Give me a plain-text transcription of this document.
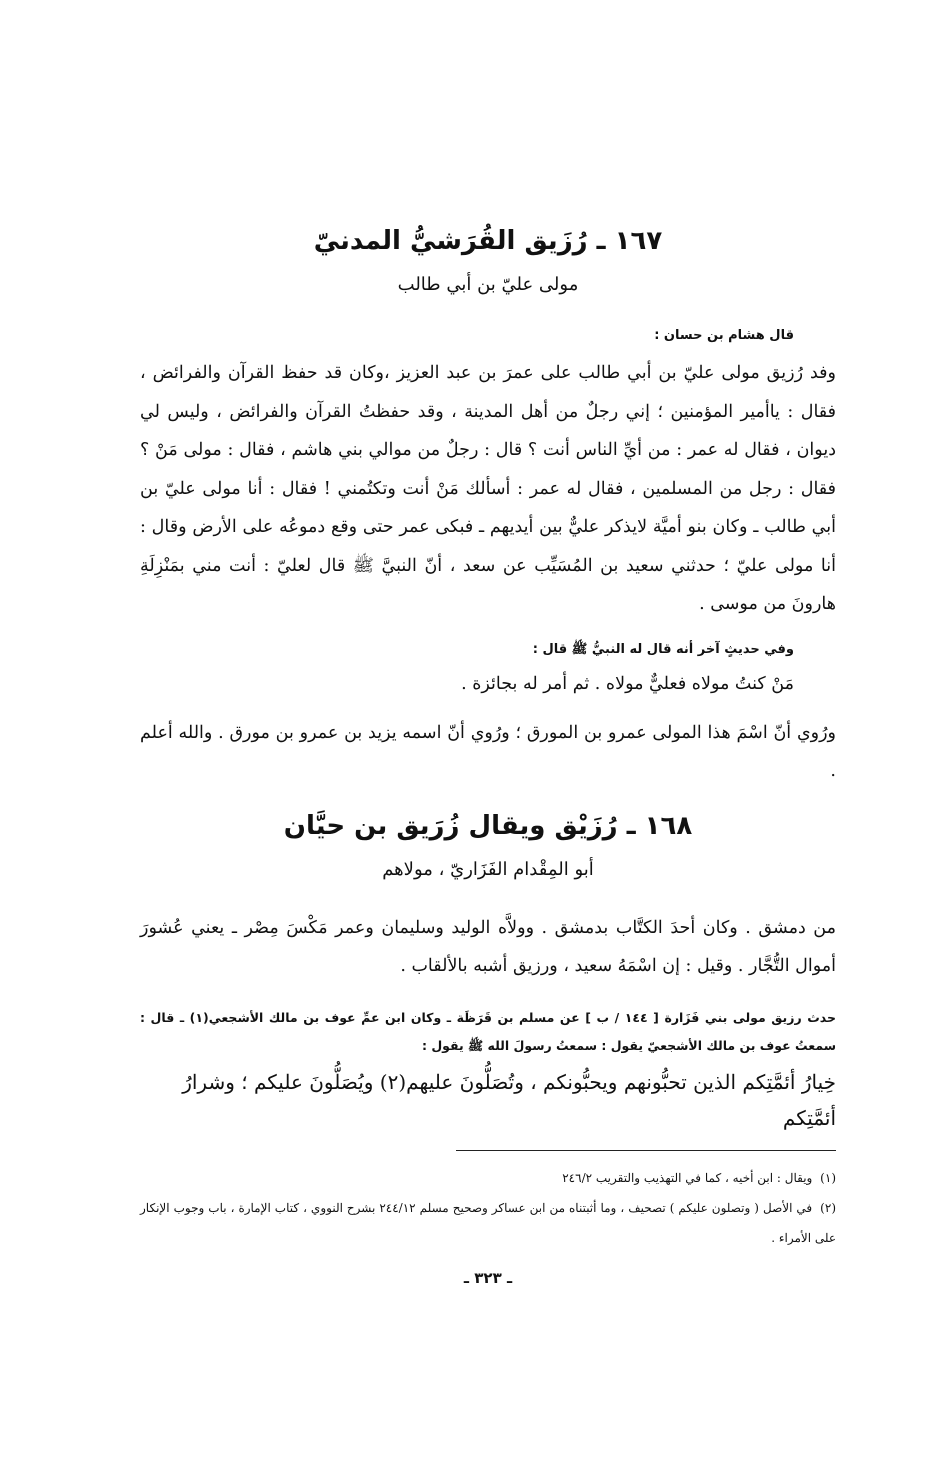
١٦٧ ـ رُزَيق القُرَشيُّ المدنيّ

مولى عليّ بن أبي طالب

قال هشام بن حسان :

وفد رُزيق مولى عليّ بن أبي طالب على عمرَ بن عبد العزيز ،وكان قد حفظ القرآن والفرائض ، فقال : ياأمير المؤمنين ؛ إني رجلٌ من أهل المدينة ، وقد حفظتُ القرآن والفرائض ، وليس لي ديوان ، فقال له عمر : من أيِّ الناس أنت ؟ قال : رجلٌ من موالي بني هاشم ، فقال : مولى مَنْ ؟ فقال : رجل من المسلمين ، فقال له عمر : أسألك مَنْ أنت وتكتُمني ! فقال : أنا مولى عليّ بن أبي طالب ـ وكان بنو أميَّة لايذكر عليٌّ بين أيديهم ـ فبكى عمر حتى وقع دموعُه على الأرض وقال : أنا مولى عليّ ؛ حدثني سعيد بن المُسَيِّب عن سعد ، أنّ النبيَّ ﷺ قال لعليّ : أنت مني بمَنْزِلَةِ هارونَ من موسى .

وفي حديثٍ آخر أنه قال له النبيُّ ﷺ قال :

مَنْ كنتُ مولاه فعليٌّ مولاه . ثم أمر له بجائزة .

ورُوي أنّ اسْمَ هذا المولى عمرو بن المورق ؛ ورُوي أنّ اسمه يزيد بن عمرو بن مورق . والله أعلم .

١٦٨ ـ رُزَيْق ويقال زُرَيق بن حيَّان

أبو المِقْدام الفَزَاريّ ، مولاهم

من دمشق . وكان أحدَ الكتَّاب بدمشق . وولاَّه الوليد وسليمان وعمر مَكْسَ مِصْر ـ يعني عُشورَ أموال التُّجَّار . وقيل : إن اسْمَهُ سعيد ، ورزيق أشبه بالألقاب .

حدث رزيق مولى بني فَزَارة [ ١٤٤ / ب ] عن مسلم بن قَرَظَة ـ وكان ابن عمِّ عوف بن مالك الأشجعي(١) ـ قال : سمعتُ عوف بن مالك الأشجعيّ يقول : سمعتُ رسولَ الله ﷺ يقول :

خِيارُ أئمَّتِكم الذين تحبُّونهم ويحبُّونكم ، وتُصَلُّونَ عليهم(٢) ويُصَلُّونَ عليكم ؛ وشرارُ أئمَّتِكم

(١) ويقال : ابن أخيه ، كما في التهذيب والتقريب ٢٤٦/٢

(٢) في الأصل ( وتصلون عليكم ) تصحيف ، وما أثبتناه من ابن عساكر وصحيح مسلم ٢٤٤/١٢ بشرح النووي ، كتاب الإمارة ، باب وجوب الإنكار على الأمراء .

ـ ٣٢٣ ـ
